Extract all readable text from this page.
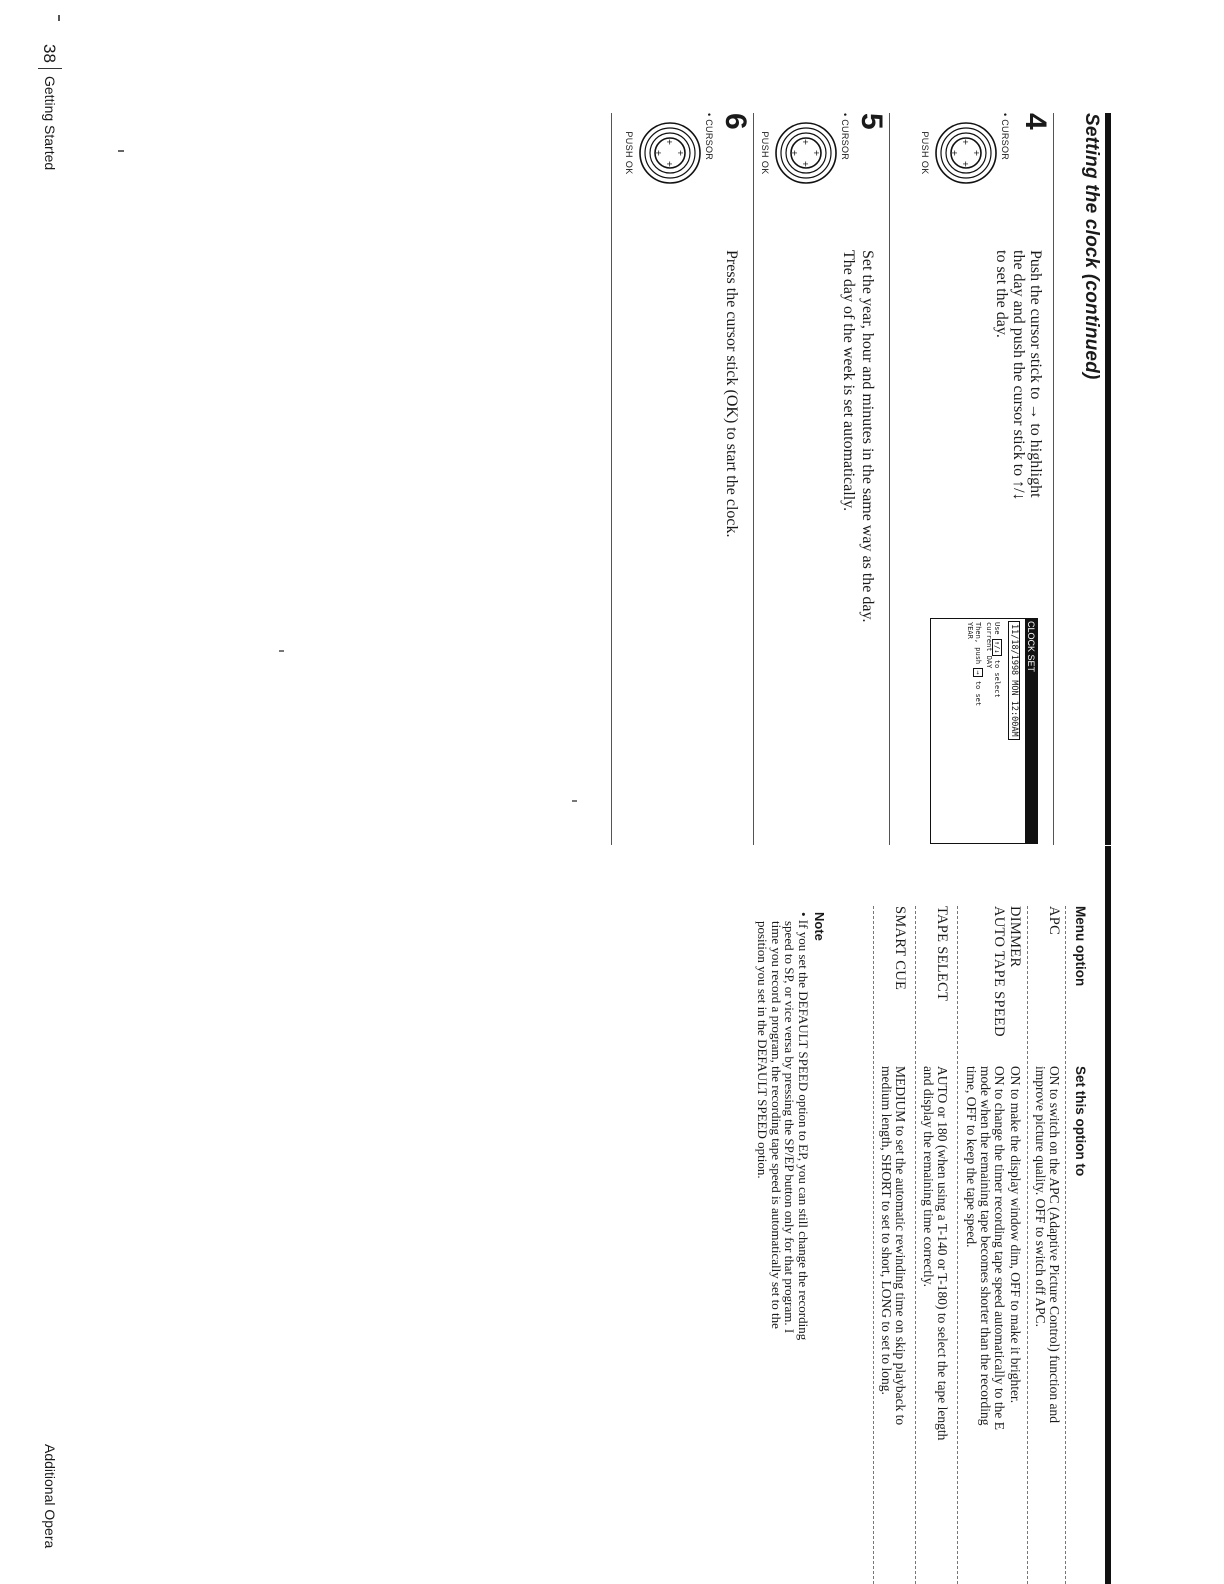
Setting the clock (continued)
4
• CURSOR
+
+
+
+
PUSH OK

Push the cursor stick to → to highlight

the day and push the cursor stick to ↑/↓

to set the day.

CLOCK SET
11/18/1998 MON 12:00AM
Use ↑/↓ to select
current DAY
Then, push → to set
YEAR
5
• CURSOR
+
+
+
+
PUSH OK

Set the year, hour and minutes in the same way as the day.

The day of the week is set automatically.

6
• CURSOR
+
+
+
+
PUSH OK

Press the cursor stick (OK) to start the clock.

Menu option
Set this option to
APC
ON to switch on the APC (Adaptive Picture Control) function and
improve picture quality. OFF to switch off APC.
DIMMER
ON to make the display window dim, OFF to make it brighter.
AUTO TAPE SPEED
ON to change the timer recording tape speed automatically to the E
mode when the remaining tape becomes shorter than the recording
time, OFF to keep the tape speed.
TAPE SELECT
AUTO or 180 (when using a T-140 or T-180) to select the tape length
and display the remaining time correctly.
SMART CUE
MEDIUM to set the automatic rewinding time on skip playback to
medium length, SHORT to set to short, LONG to set to long.
Note
• If you set the DEFAULT SPEED option to EP, you can still change the recording
speed to SP, or vice versa by pressing the SP/EP button only for that program. I
time you record a program, the recording tape speed is automatically set to the
position you set in the DEFAULT SPEED option.
38
Getting Started
Additional Opera
